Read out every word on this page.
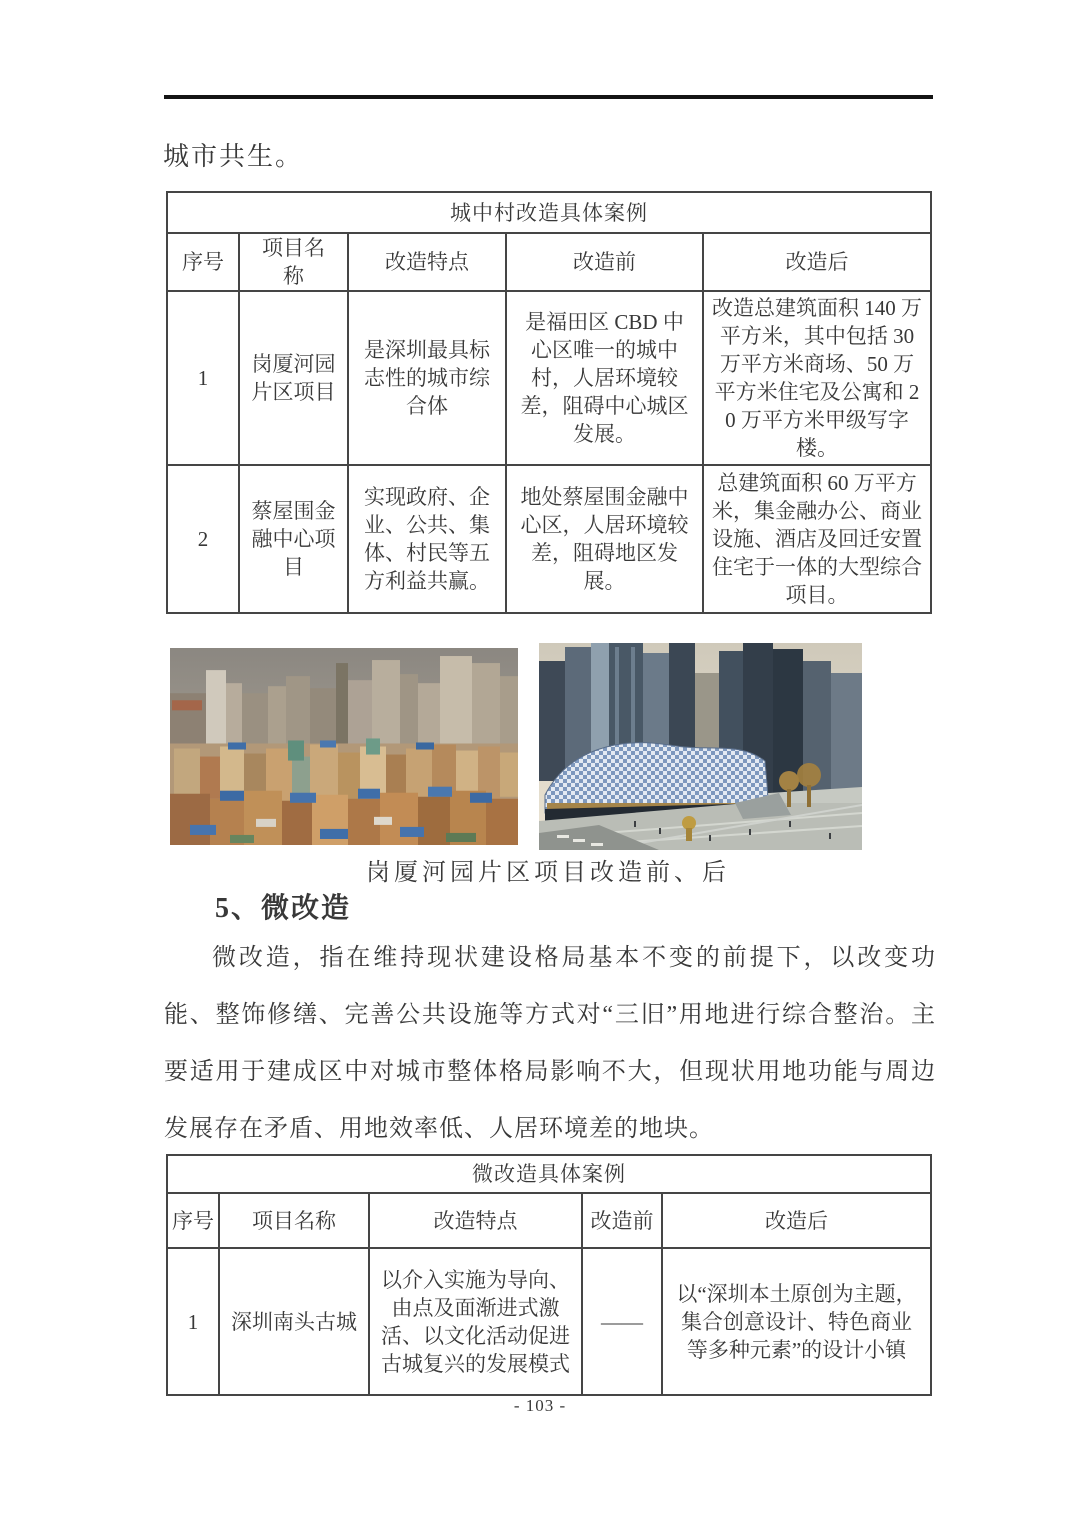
城市共生。
城中村改造具体案例				
序号	项目名称	改造特点	改造前	改造后
1	岗厦河园片区项目	是深圳最具标志性的城市综合体	是福田区 CBD 中心区唯一的城中村，人居环境较差，阻碍中心城区发展。	改造总建筑面积 140 万平方米，其中包括 30 万平方米商场、50 万平方米住宅及公寓和 20 万平方米甲级写字楼。
2	蔡屋围金融中心项目	实现政府、企业、公共、集体、村民等五方利益共赢。	地处蔡屋围金融中心区，人居环境较差，阻碍地区发展。	总建筑面积 60 万平方米，集金融办公、商业设施、酒店及回迁安置住宅于一体的大型综合项目。
岗厦河园片区项目改造前、后
5、微改造
微改造，指在维持现状建设格局基本不变的前提下，以改变功能、整饰修缮、完善公共设施等方式对“三旧”用地进行综合整治。主要适用于建成区中对城市整体格局影响不大，但现状用地功能与周边发展存在矛盾、用地效率低、人居环境差的地块。
微改造具体案例				
序号	项目名称	改造特点	改造前	改造后
1	深圳南头古城	以介入实施为导向、由点及面渐进式激活、以文化活动促进古城复兴的发展模式	——	以“深圳本土原创为主题，集合创意设计、特色商业等多种元素”的设计小镇
- 103 -
